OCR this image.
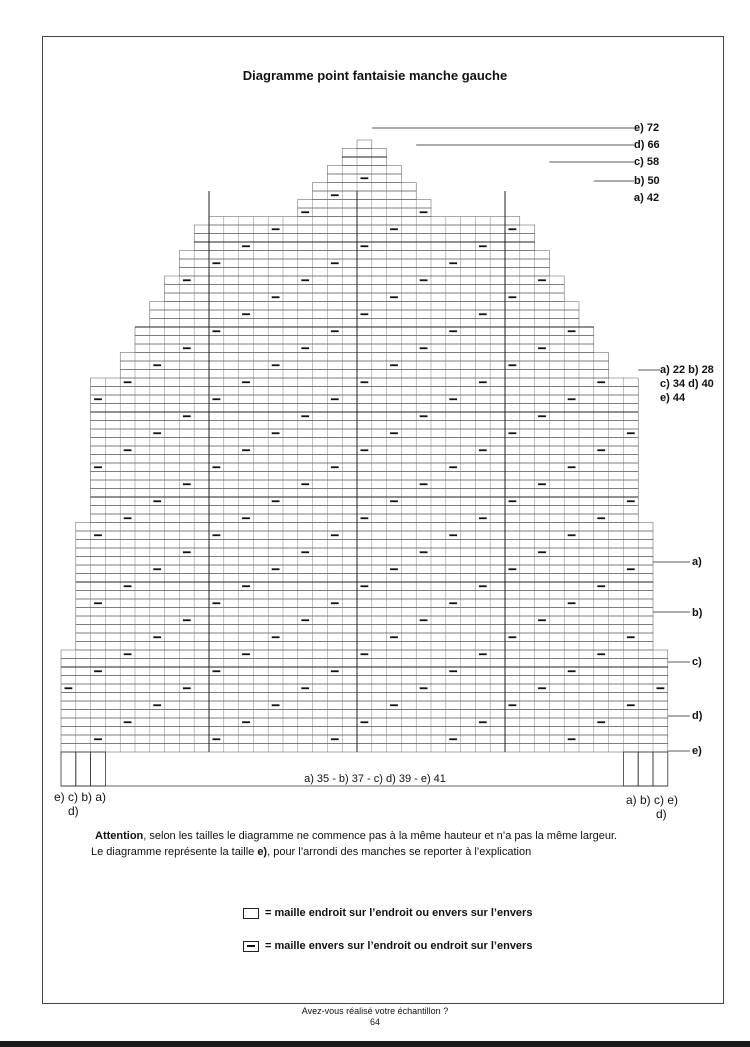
Diagramme point fantaisie manche gauche
e) 72
d) 66
c) 58
b) 50
a) 42
a) 22 b) 28
c) 34 d) 40
e) 44
a)
b)
c)
d)
e)
a) 35 - b) 37 - c) d) 39 - e) 41
e) c) b) a)
d)
a) b) c) e)
d)
Attention, selon les tailles le diagramme ne commence pas à la même hauteur et n’a pas la même largeur.
Le diagramme représente la taille e), pour l’arrondi des manches se reporter à l’explication
= maille endroit sur l’endroit ou envers sur l’envers
= maille envers sur l’endroit ou endroit sur l’envers
Avez-vous réalisé votre échantillon ?
64
